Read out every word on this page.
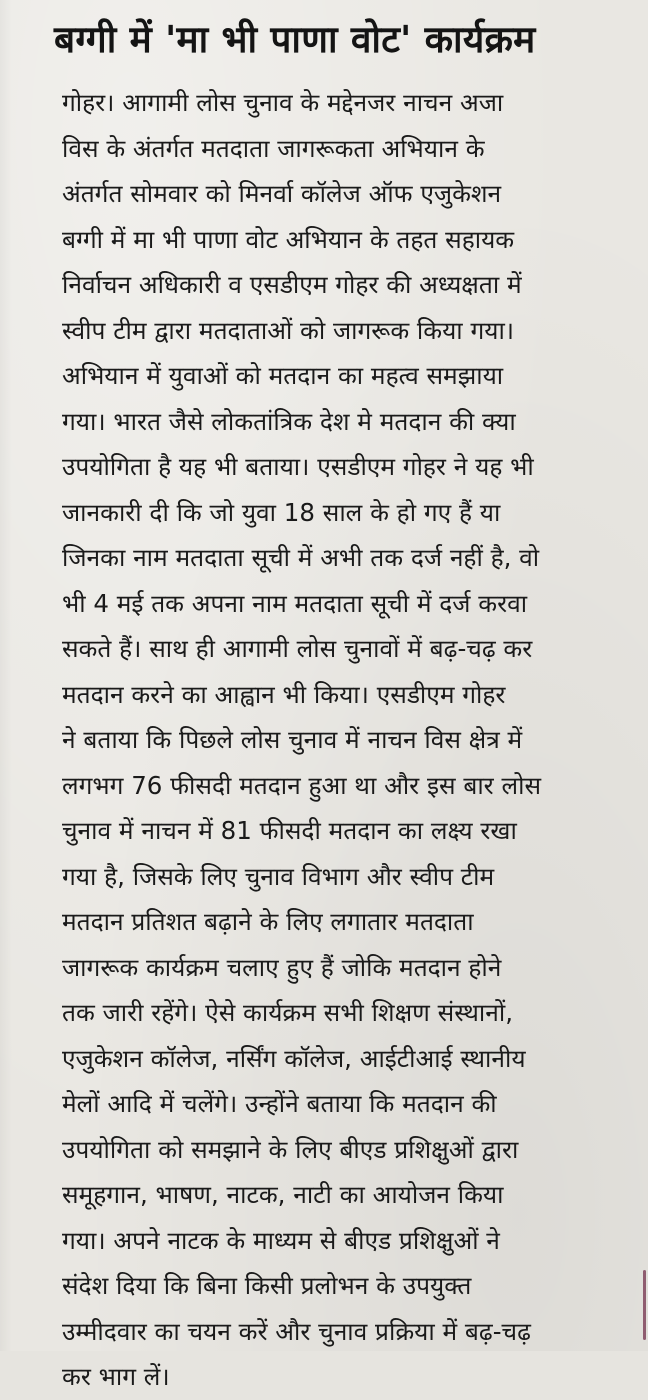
बग्गी में 'मा भी पाणा वोट' कार्यक्रम
गोहर। आगामी लोस चुनाव के मद्देनजर नाचन अजा
विस के अंतर्गत मतदाता जागरूकता अभियान के
अंतर्गत सोमवार को मिनर्वा कॉलेज ऑफ एजुकेशन
बग्गी में मा भी पाणा वोट अभियान के तहत सहायक
निर्वाचन अधिकारी व एसडीएम गोहर की अध्यक्षता में
स्वीप टीम द्वारा मतदाताओं को जागरूक किया गया।
अभियान में युवाओं को मतदान का महत्व समझाया
गया। भारत जैसे लोकतांत्रिक देश मे मतदान की क्या
उपयोगिता है यह भी बताया। एसडीएम गोहर ने यह भी
जानकारी दी कि जो युवा 18 साल के हो गए हैं या
जिनका नाम मतदाता सूची में अभी तक दर्ज नहीं है, वो
भी 4 मई तक अपना नाम मतदाता सूची में दर्ज करवा
सकते हैं। साथ ही आगामी लोस चुनावों में बढ़-चढ़ कर
मतदान करने का आह्वान भी किया। एसडीएम गोहर
ने बताया कि पिछले लोस चुनाव में नाचन विस क्षेत्र में
लगभग 76 फीसदी मतदान हुआ था और इस बार लोस
चुनाव में नाचन में 81 फीसदी मतदान का लक्ष्य रखा
गया है, जिसके लिए चुनाव विभाग और स्वीप टीम
मतदान प्रतिशत बढ़ाने के लिए लगातार मतदाता
जागरूक कार्यक्रम चलाए हुए हैं जोकि मतदान होने
तक जारी रहेंगे। ऐसे कार्यक्रम सभी शिक्षण संस्थानों,
एजुकेशन कॉलेज, नर्सिंग कॉलेज, आईटीआई स्थानीय
मेलों आदि में चलेंगे। उन्होंने बताया कि मतदान की
उपयोगिता को समझाने के लिए बीएड प्रशिक्षुओं द्वारा
समूहगान, भाषण, नाटक, नाटी का आयोजन किया
गया। अपने नाटक के माध्यम से बीएड प्रशिक्षुओं ने
संदेश दिया कि बिना किसी प्रलोभन के उपयुक्त
उम्मीदवार का चयन करें और चुनाव प्रक्रिया में बढ़-चढ़
कर भाग लें।
